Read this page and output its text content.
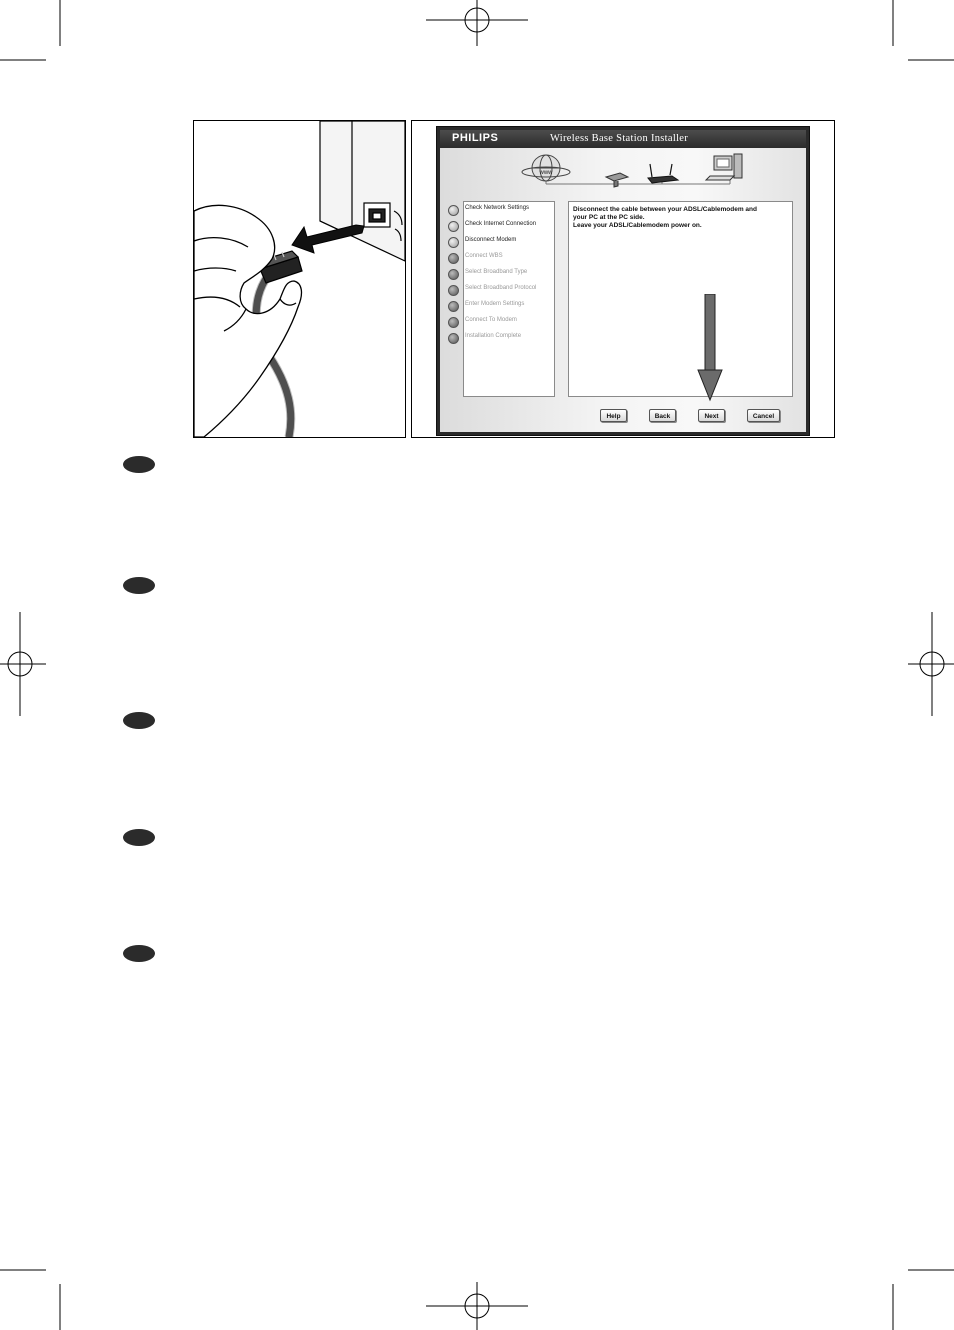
PHILIPS	Wireless Base Station Installer
www
Check Network Settings
Check Internet Connection
Disconnect Modem
Connect WBS
Select Broadband Type
Select Broadband Protocol
Enter Modem Settings
Connect To Modem
Installation Complete
Disconnect the cable between your ADSL/Cablemodem and
your PC at the PC side.
Leave your ADSL/Cablemodem power on.
Help	Back	Next	Cancel
